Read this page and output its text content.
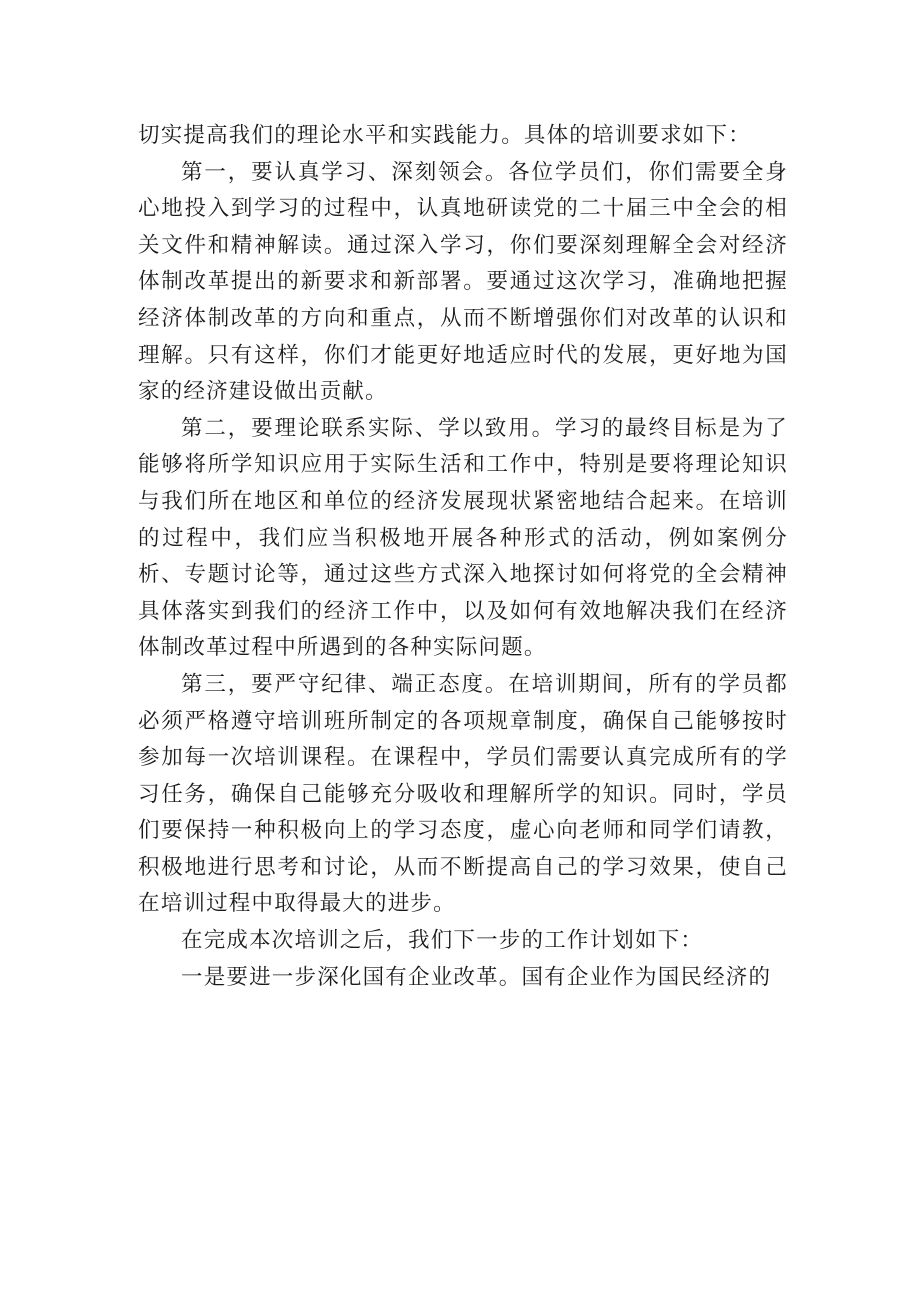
切实提高我们的理论水平和实践能力。具体的培训要求如下：

第一，要认真学习、深刻领会。各位学员们，你们需要全身心地投入到学习的过程中，认真地研读党的二十届三中全会的相关文件和精神解读。通过深入学习，你们要深刻理解全会对经济体制改革提出的新要求和新部署。要通过这次学习，准确地把握经济体制改革的方向和重点，从而不断增强你们对改革的认识和理解。只有这样，你们才能更好地适应时代的发展，更好地为国家的经济建设做出贡献。

第二，要理论联系实际、学以致用。学习的最终目标是为了能够将所学知识应用于实际生活和工作中，特别是要将理论知识与我们所在地区和单位的经济发展现状紧密地结合起来。在培训的过程中，我们应当积极地开展各种形式的活动，例如案例分析、专题讨论等，通过这些方式深入地探讨如何将党的全会精神具体落实到我们的经济工作中，以及如何有效地解决我们在经济体制改革过程中所遇到的各种实际问题。

第三，要严守纪律、端正态度。在培训期间，所有的学员都必须严格遵守培训班所制定的各项规章制度，确保自己能够按时参加每一次培训课程。在课程中，学员们需要认真完成所有的学习任务，确保自己能够充分吸收和理解所学的知识。同时，学员们要保持一种积极向上的学习态度，虚心向老师和同学们请教，积极地进行思考和讨论，从而不断提高自己的学习效果，使自己在培训过程中取得最大的进步。

在完成本次培训之后，我们下一步的工作计划如下：

一是要进一步深化国有企业改革。国有企业作为国民经济的
